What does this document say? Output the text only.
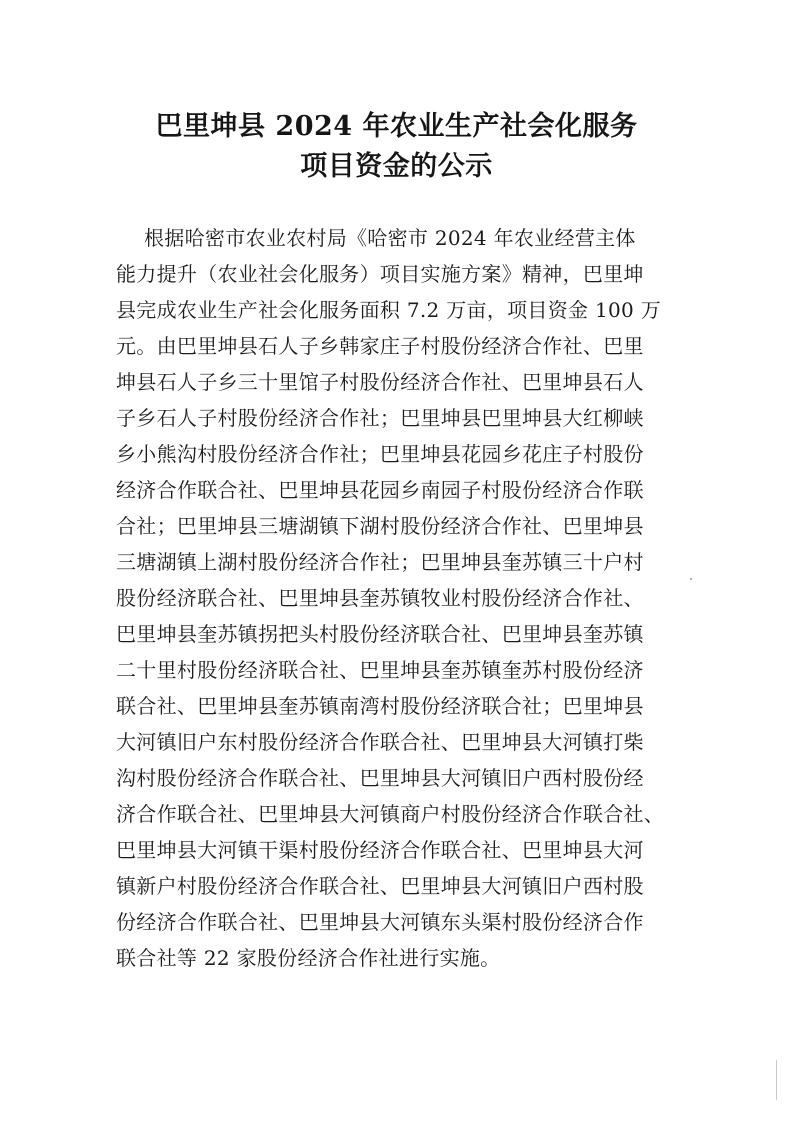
巴里坤县 2024 年农业生产社会化服务
项目资金的公示
根据哈密市农业农村局《哈密市 2024 年农业经营主体
能力提升（农业社会化服务）项目实施方案》精神，巴里坤
县完成农业生产社会化服务面积 7.2 万亩，项目资金 100 万
元。由巴里坤县石人子乡韩家庄子村股份经济合作社、巴里
坤县石人子乡三十里馆子村股份经济合作社、巴里坤县石人
子乡石人子村股份经济合作社；巴里坤县巴里坤县大红柳峡
乡小熊沟村股份经济合作社；巴里坤县花园乡花庄子村股份
经济合作联合社、巴里坤县花园乡南园子村股份经济合作联
合社；巴里坤县三塘湖镇下湖村股份经济合作社、巴里坤县
三塘湖镇上湖村股份经济合作社；巴里坤县奎苏镇三十户村
股份经济联合社、巴里坤县奎苏镇牧业村股份经济合作社、
巴里坤县奎苏镇拐把头村股份经济联合社、巴里坤县奎苏镇
二十里村股份经济联合社、巴里坤县奎苏镇奎苏村股份经济
联合社、巴里坤县奎苏镇南湾村股份经济联合社；巴里坤县
大河镇旧户东村股份经济合作联合社、巴里坤县大河镇打柴
沟村股份经济合作联合社、巴里坤县大河镇旧户西村股份经
济合作联合社、巴里坤县大河镇商户村股份经济合作联合社、
巴里坤县大河镇干渠村股份经济合作联合社、巴里坤县大河
镇新户村股份经济合作联合社、巴里坤县大河镇旧户西村股
份经济合作联合社、巴里坤县大河镇东头渠村股份经济合作
联合社等 22 家股份经济合作社进行实施。
